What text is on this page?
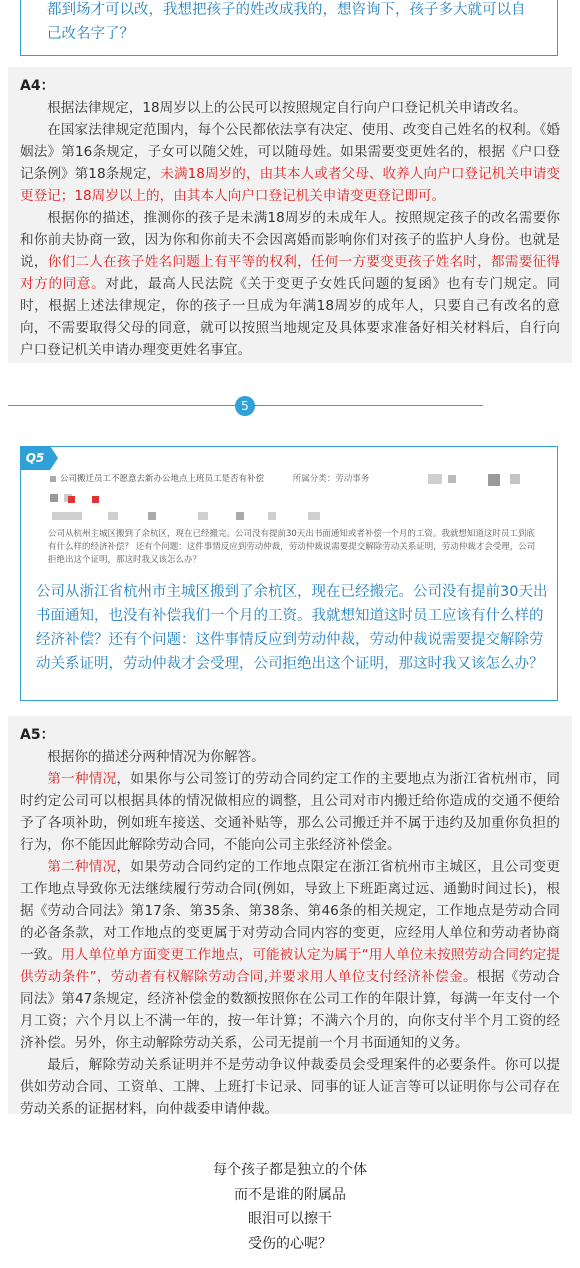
都到场才可以改，我想把孩子的姓改成我的，想咨询下，孩子多大就可以自己改名字了？
A4：

根据法律规定，18周岁以上的公民可以按照规定自行向户口登记机关申请改名。

在国家法律规定范围内，每个公民都依法享有决定、使用、改变自己姓名的权利。《婚姻法》第16条规定，子女可以随父姓，可以随母姓。如果需要变更姓名的，根据《户口登记条例》第18条规定，未满18周岁的，由其本人或者父母、收养人向户口登记机关申请变更登记；18周岁以上的，由其本人向户口登记机关申请变更登记即可。

根据你的描述，推测你的孩子是未满18周岁的未成年人。按照规定孩子的改名需要你和你前夫协商一致，因为你和你前夫不会因离婚而影响你们对孩子的监护人身份。也就是说，你们二人在孩子姓名问题上有平等的权利，任何一方要变更孩子姓名时，都需要征得对方的同意。对此，最高人民法院《关于变更子女姓氏问题的复函》也有专门规定。同时，根据上述法律规定，你的孩子一旦成为年满18周岁的成年人，只要自己有改名的意向，不需要取得父母的同意，就可以按照当地规定及具体要求准备好相关材料后，自行向户口登记机关申请办理变更姓名事宜。

5
Q5
公司搬迁员工不愿意去新办公地点上班员工是否有补偿	所属分类：劳动事务
公司从杭州主城区搬到了余杭区，现在已经搬完。公司没有提前30天出书面通知或者补偿一个月的工资。我就想知道这时员工到底有什么样的经济补偿？ 还有个问题：这件事情反应到劳动仲裁，劳动仲裁说需要提交解除劳动关系证明，劳动仲裁才会受理，公司拒绝出这个证明，那这时我又该怎么办？
公司从浙江省杭州市主城区搬到了余杭区，现在已经搬完。公司没有提前30天出书面通知，也没有补偿我们一个月的工资。我就想知道这时员工应该有什么样的经济补偿？还有个问题：这件事情反应到劳动仲裁，劳动仲裁说需要提交解除劳动关系证明，劳动仲裁才会受理，公司拒绝出这个证明，那这时我又该怎么办？
A5：

根据你的描述分两种情况为你解答。

第一种情况，如果你与公司签订的劳动合同约定工作的主要地点为浙江省杭州市，同时约定公司可以根据具体的情况做相应的调整，且公司对市内搬迁给你造成的交通不便给予了各项补助，例如班车接送、交通补贴等，那么公司搬迁并不属于违约及加重你负担的行为，你不能因此解除劳动合同，不能向公司主张经济补偿金。

第二种情况，如果劳动合同约定的工作地点限定在浙江省杭州市主城区，且公司变更工作地点导致你无法继续履行劳动合同(例如，导致上下班距离过远、通勤时间过长)，根据《劳动合同法》第17条、第35条、第38条、第46条的相关规定，工作地点是劳动合同的必备条款，对工作地点的变更属于对劳动合同内容的变更，应经用人单位和劳动者协商一致。用人单位单方面变更工作地点，可能被认定为属于“用人单位未按照劳动合同约定提供劳动条件”，劳动者有权解除劳动合同,并要求用人单位支付经济补偿金。根据《劳动合同法》第47条规定，经济补偿金的数额按照你在公司工作的年限计算，每满一年支付一个月工资；六个月以上不满一年的，按一年计算；不满六个月的，向你支付半个月工资的经济补偿。另外，你主动解除劳动关系，公司无提前一个月书面通知的义务。

最后，解除劳动关系证明并不是劳动争议仲裁委员会受理案件的必要条件。你可以提供如劳动合同、工资单、工牌、上班打卡记录、同事的证人证言等可以证明你与公司存在劳动关系的证据材料，向仲裁委申请仲裁。

每个孩子都是独立的个体
而不是谁的附属品
眼泪可以擦干
受伤的心呢？
